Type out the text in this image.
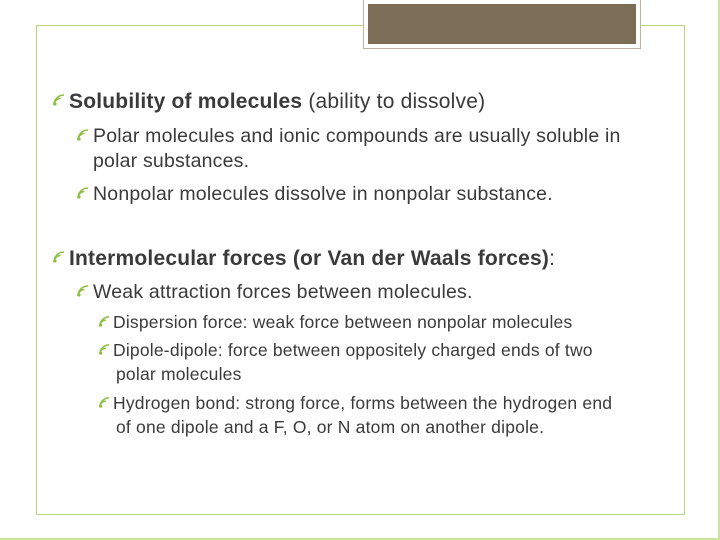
Solubility of molecules (ability to dissolve)
Polar molecules and ionic compounds are usually soluble in
polar substances.
Nonpolar molecules dissolve in nonpolar substance.
Intermolecular forces (or Van der Waals forces):
Weak attraction forces between molecules.
Dispersion force: weak force between nonpolar molecules
Dipole-dipole: force between oppositely charged ends of two
polar molecules
Hydrogen bond: strong force, forms between the hydrogen end
of one dipole and a F, O, or N atom on another dipole.
